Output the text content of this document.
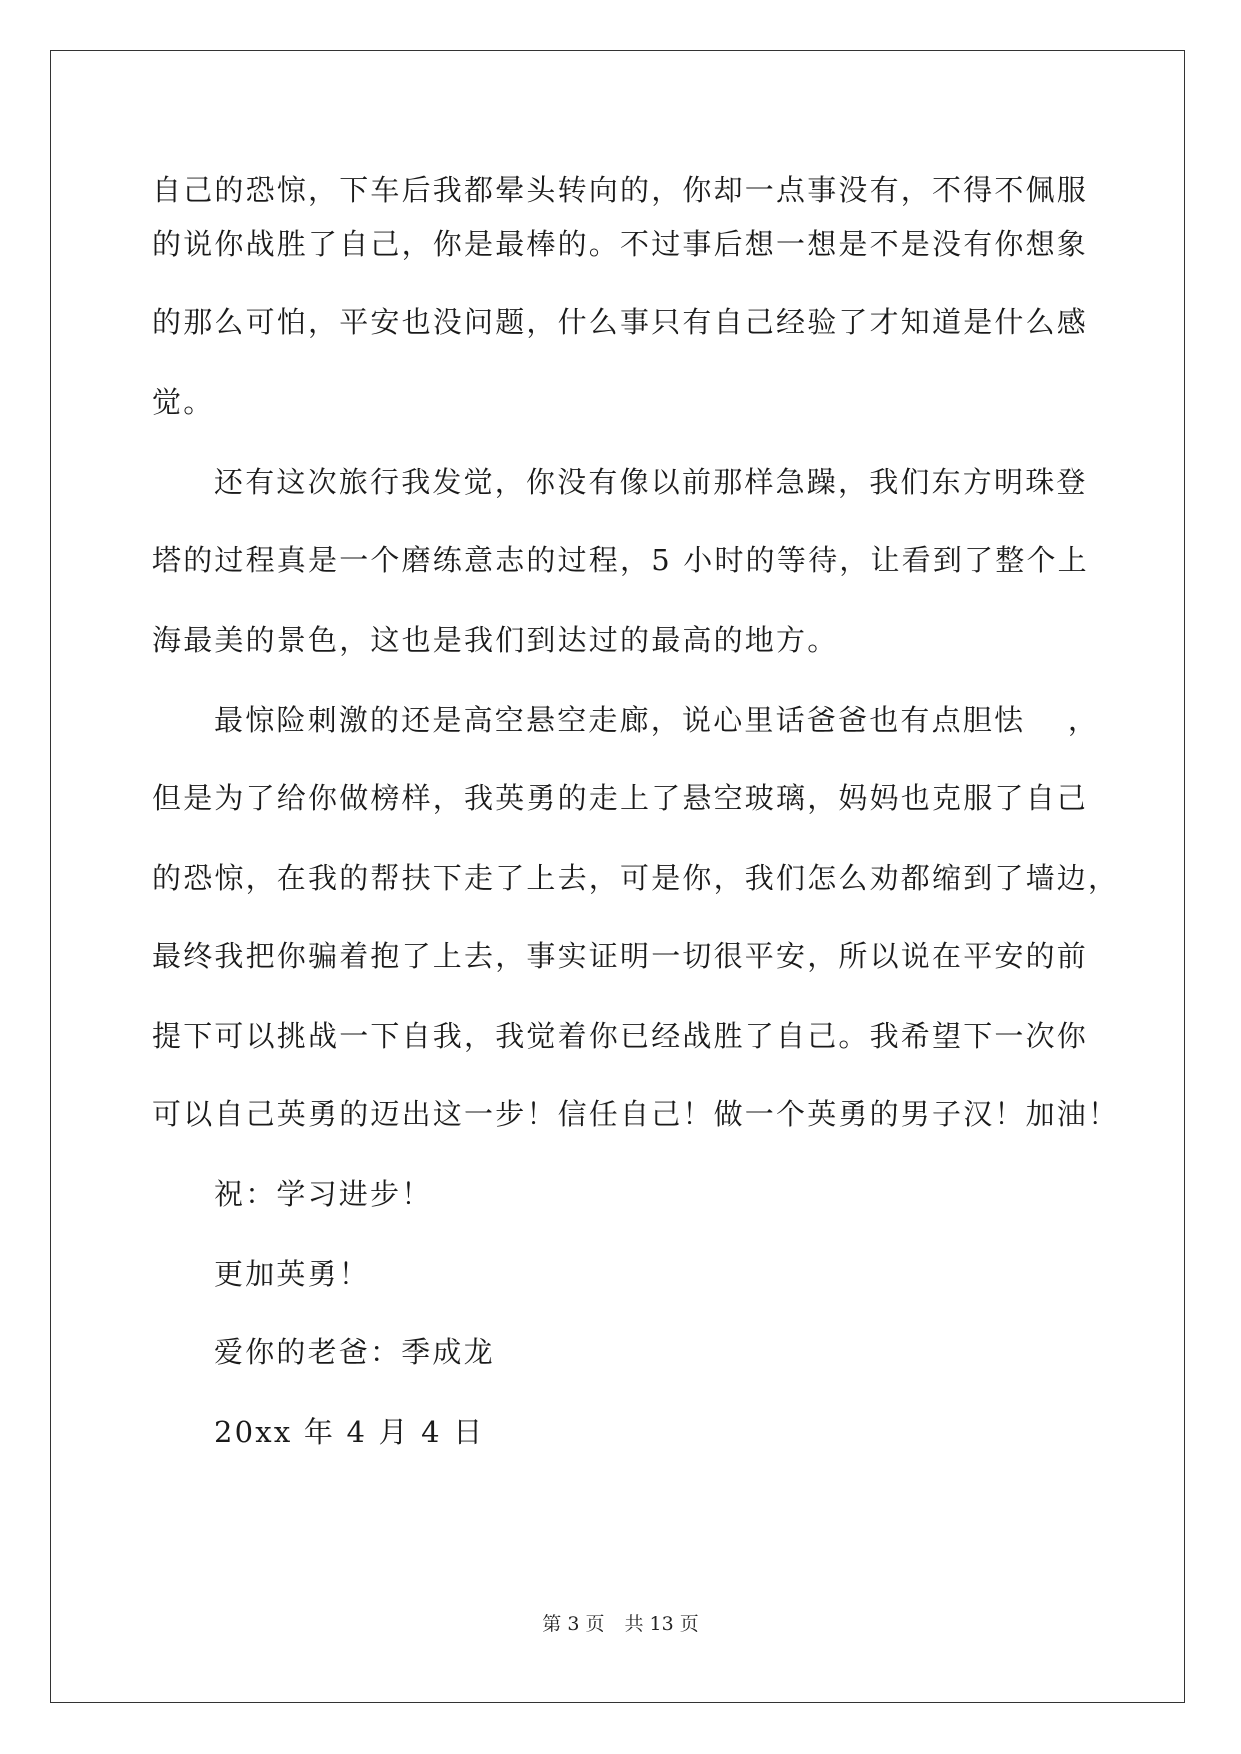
自己的恐惊，下车后我都晕头转向的，你却一点事没有，不得不佩服
的说你战胜了自己，你是最棒的。不过事后想一想是不是没有你想象
的那么可怕，平安也没问题，什么事只有自己经验了才知道是什么感
觉。
还有这次旅行我发觉，你没有像以前那样急躁，我们东方明珠登
塔的过程真是一个磨练意志的过程，5 小时的等待，让看到了整个上
海最美的景色，这也是我们到达过的最高的地方。
最惊险刺激的还是高空悬空走廊，说心里话爸爸也有点胆怯　 ，
但是为了给你做榜样，我英勇的走上了悬空玻璃，妈妈也克服了自己
的恐惊，在我的帮扶下走了上去，可是你，我们怎么劝都缩到了墙边，
最终我把你骗着抱了上去，事实证明一切很平安，所以说在平安的前
提下可以挑战一下自我，我觉着你已经战胜了自己。我希望下一次你
可以自己英勇的迈出这一步！信任自己！做一个英勇的男子汉！加油！
祝：学习进步！
更加英勇！
爱你的老爸：季成龙
20xx 年 4 月 4 日
第 3 页 共 13 页
